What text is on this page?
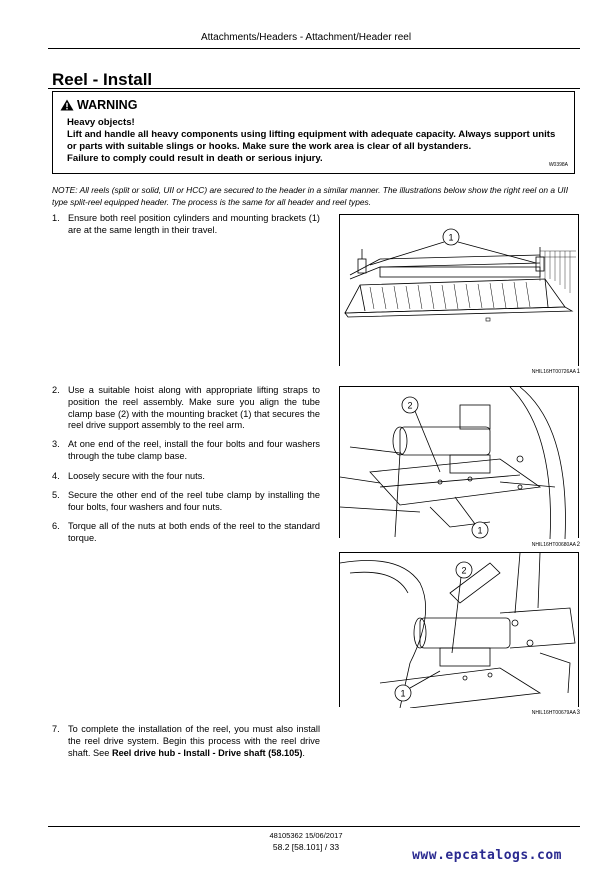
Attachments/Headers - Attachment/Header reel
Reel - Install
WARNING
Heavy objects!
Lift and handle all heavy components using lifting equipment with adequate capacity. Always support units or parts with suitable slings or hooks. Make sure the work area is clear of all bystanders.
Failure to comply could result in death or serious injury.
W0398A
NOTE: All reels (split or solid, UII or HCC) are secured to the header in a similar manner. The illustrations below show the right reel on a UII type split-reel equipped header. The process is the same for all header and reel types.
1. Ensure both reel position cylinders and mounting brackets (1) are at the same length in their travel.
2. Use a suitable hoist along with appropriate lifting straps to position the reel assembly. Make sure you align the tube clamp base (2) with the mounting bracket (1) that secures the reel drive support assembly to the reel arm.
3. At one end of the reel, install the four bolts and four washers through the tube clamp base.
4. Loosely secure with the four nuts.
5. Secure the other end of the reel tube clamp by installing the four bolts, four washers and four nuts.
6. Torque all of the nuts at both ends of the reel to the standard torque.
7. To complete the installation of the reel, you must also install the reel drive system. Begin this process with the reel drive shaft. See Reel drive hub - Install - Drive shaft (58.105).
1
NHIL16HT00726AA 1
2
1
NHIL16HT00680AA 2
2
1
NHIL16HT00679AA 3
48105362 15/06/2017
58.2 [58.101] / 33
www.epcatalogs.com
